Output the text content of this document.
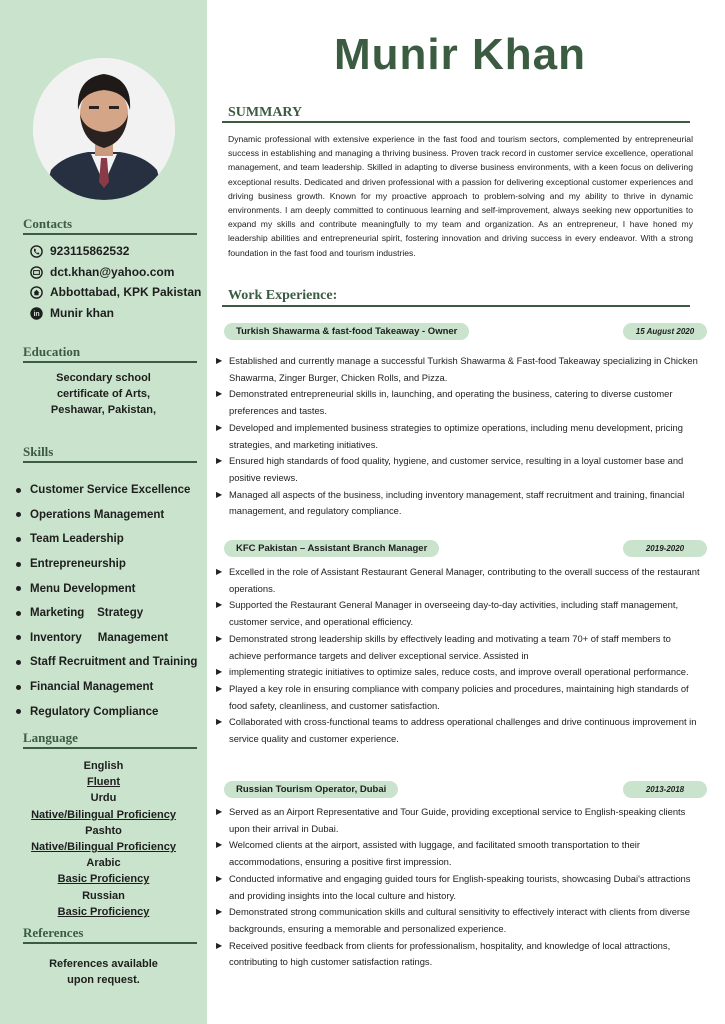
Contacts
923115862532
dct.khan@yahoo.com
Abbottabad, KPK Pakistan
in Munir khan
Education
Secondary school
certificate of Arts,
Peshawar, Pakistan,
Skills
Customer Service Excellence
Operations Management
Team Leadership
Entrepreneurship
Menu Development
Marketing    Strategy
Inventory     Management
Staff Recruitment and Training
Financial Management
Regulatory Compliance
Language
English
Fluent
Urdu
Native/Bilingual Proficiency
Pashto
Native/Bilingual Proficiency
Arabic
Basic Proficiency
Russian
Basic Proficiency
References
References available
upon request.
Munir Khan
SUMMARY

Dynamic professional with extensive experience in the fast food and tourism sectors, complemented by entrepreneurial success in establishing and managing a thriving business. Proven track record in customer service excellence, operational management, and team leadership. Skilled in adapting to diverse business environments, with a keen focus on delivering exceptional results. Dedicated and driven professional with a passion for delivering exceptional customer experiences and driving business growth. Known for my proactive approach to problem-solving and my ability to thrive in dynamic environments. I am deeply committed to continuous learning and self-improvement, always seeking new opportunities to expand my skills and contribute meaningfully to my team and organization. As an entrepreneur, I have honed my leadership abilities and entrepreneurial spirit, fostering innovation and driving success in every endeavor. With a strong foundation in the fast food and tourism industries.

Work Experience:
Turkish Shawarma & fast-food Takeaway - Owner	15 August 2020
▶ Established and currently manage a successful Turkish Shawarma & Fast-food Takeaway specializing in Chicken Shawarma, Zinger Burger, Chicken Rolls, and Pizza.
▶ Demonstrated entrepreneurial skills in, launching, and operating the business, catering to diverse customer preferences and tastes.
▶ Developed and implemented business strategies to optimize operations, including menu development, pricing strategies, and marketing initiatives.
▶ Ensured high standards of food quality, hygiene, and customer service, resulting in a loyal customer base and positive reviews.
▶ Managed all aspects of the business, including inventory management, staff recruitment and training, financial management, and regulatory compliance.
KFC Pakistan – Assistant Branch Manager	2019-2020
▶ Excelled in the role of Assistant Restaurant General Manager, contributing to the overall success of the restaurant operations.
▶ Supported the Restaurant General Manager in overseeing day-to-day activities, including staff management, customer service, and operational efficiency.
▶ Demonstrated strong leadership skills by effectively leading and motivating a team 70+ of staff members to achieve performance targets and deliver exceptional service. Assisted in
▶ implementing strategic initiatives to optimize sales, reduce costs, and improve overall operational performance.
▶ Played a key role in ensuring compliance with company policies and procedures, maintaining high standards of food safety, cleanliness, and customer satisfaction.
▶ Collaborated with cross-functional teams to address operational challenges and drive continuous improvement in service quality and customer experience.
Russian Tourism Operator, Dubai	2013-2018
▶ Served as an Airport Representative and Tour Guide, providing exceptional service to English-speaking clients upon their arrival in Dubai.
▶ Welcomed clients at the airport, assisted with luggage, and facilitated smooth transportation to their accommodations, ensuring a positive first impression.
▶ Conducted informative and engaging guided tours for English-speaking tourists, showcasing Dubai's attractions and providing insights into the local culture and history.
▶ Demonstrated strong communication skills and cultural sensitivity to effectively interact with clients from diverse backgrounds, ensuring a memorable and personalized experience.
▶ Received positive feedback from clients for professionalism, hospitality, and knowledge of local attractions, contributing to high customer satisfaction ratings.
